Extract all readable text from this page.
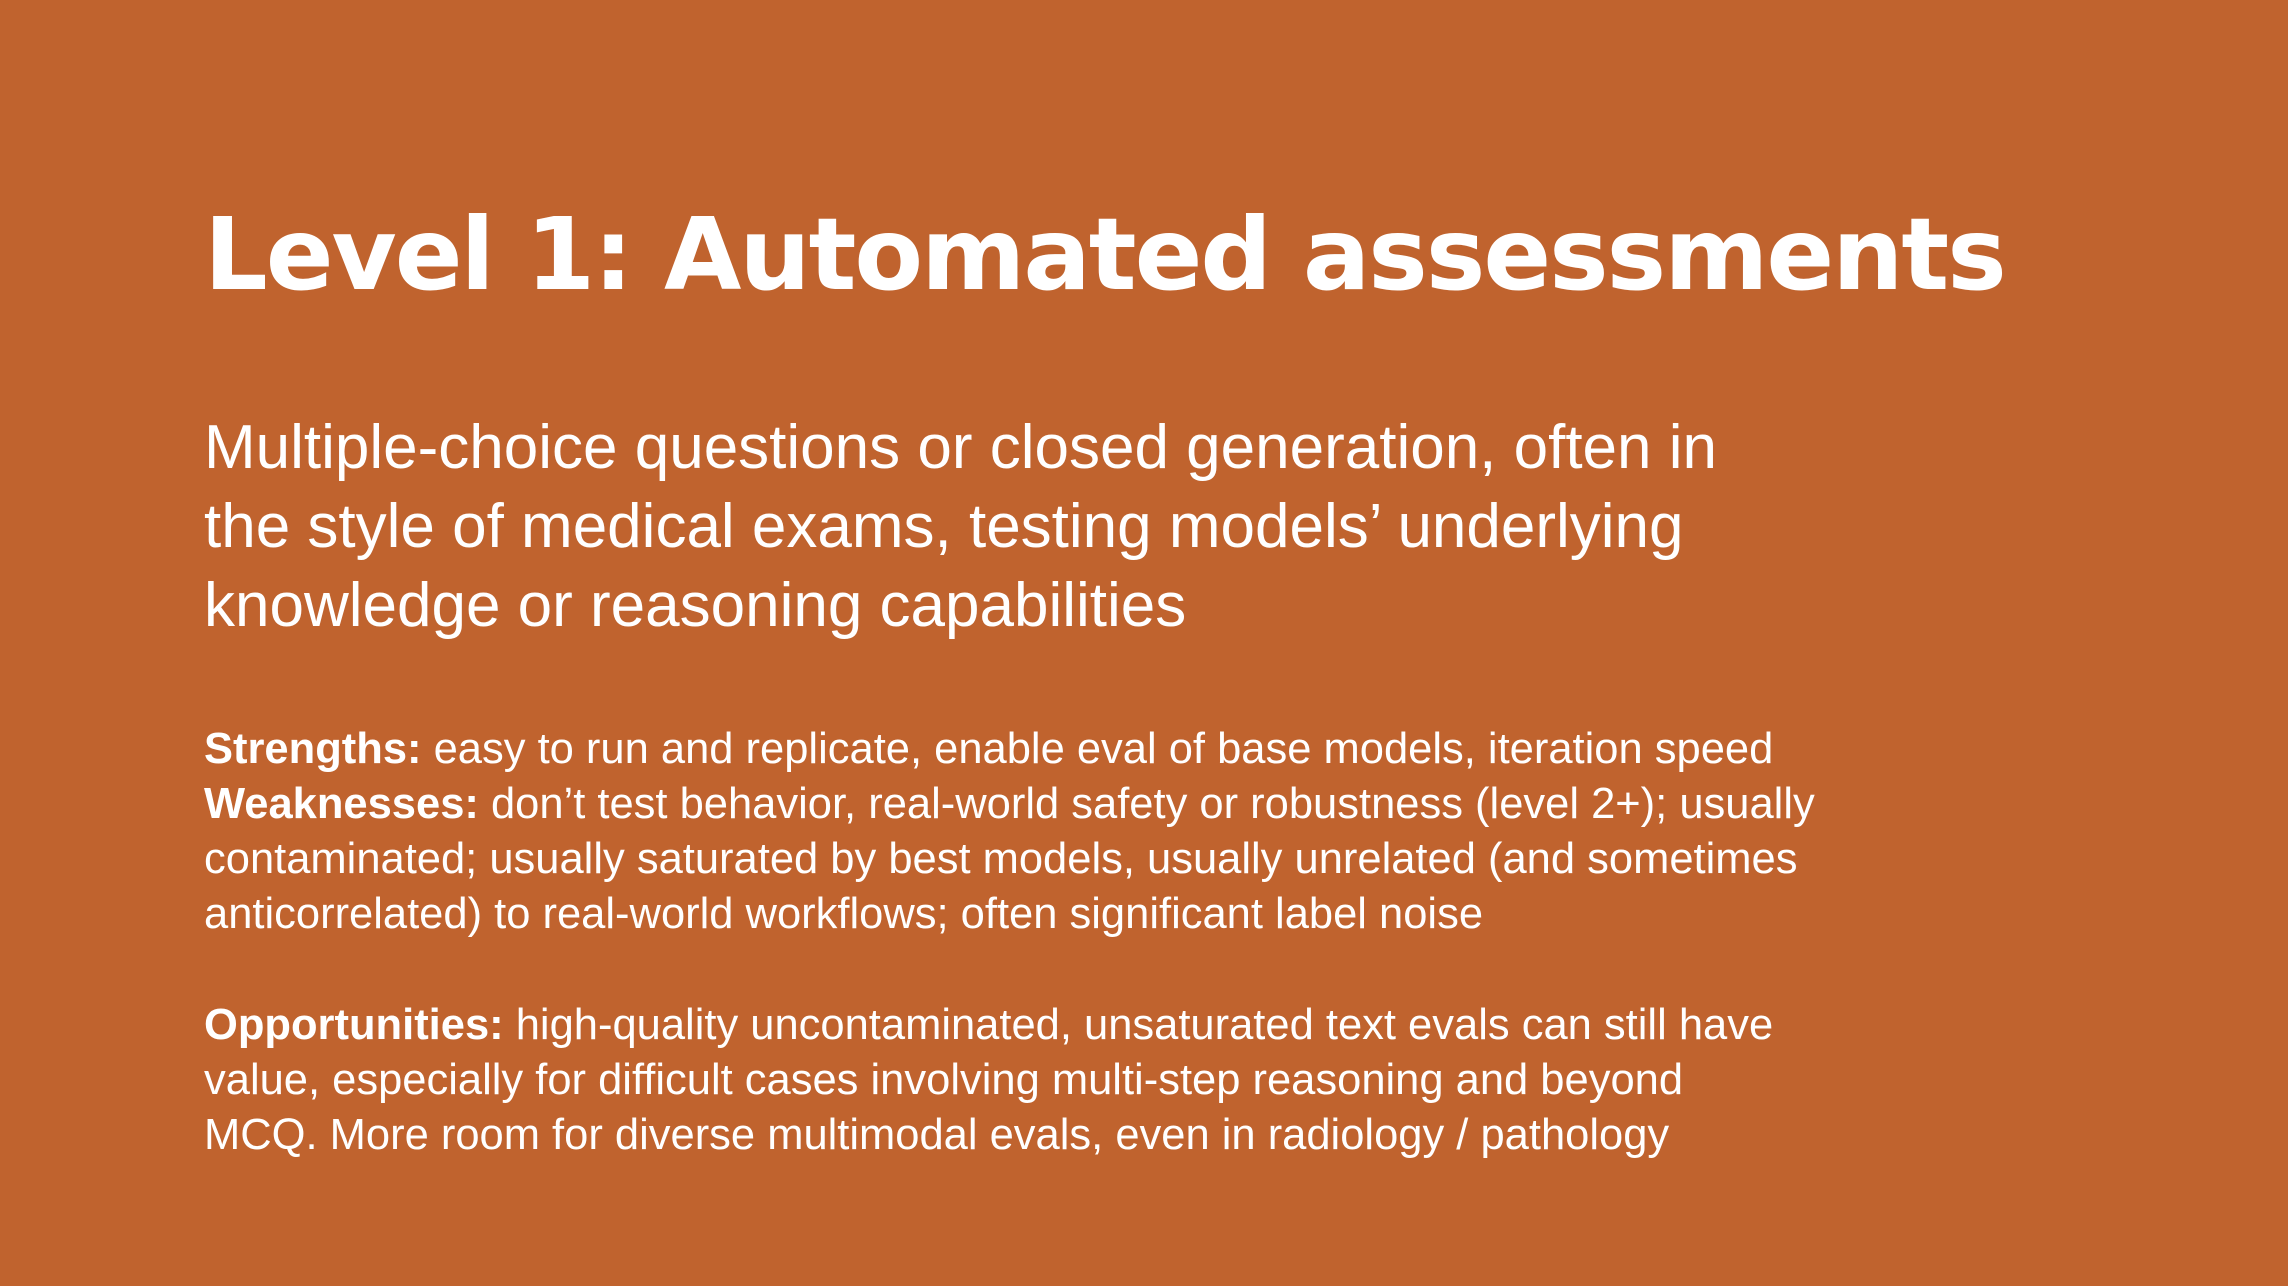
Level 1: Automated assessments

Multiple-choice questions or closed generation, often in
the style of medical exams, testing models’ underlying
knowledge or reasoning capabilities

Strengths: easy to run and replicate, enable eval of base models, iteration speed
Weaknesses: don’t test behavior, real-world safety or robustness (level 2+); usually
contaminated; usually saturated by best models, usually unrelated (and sometimes
anticorrelated) to real-world workflows; often significant label noise
Opportunities: high-quality uncontaminated, unsaturated text evals can still have
value, especially for difficult cases involving multi-step reasoning and beyond
MCQ. More room for diverse multimodal evals, even in radiology / pathology
